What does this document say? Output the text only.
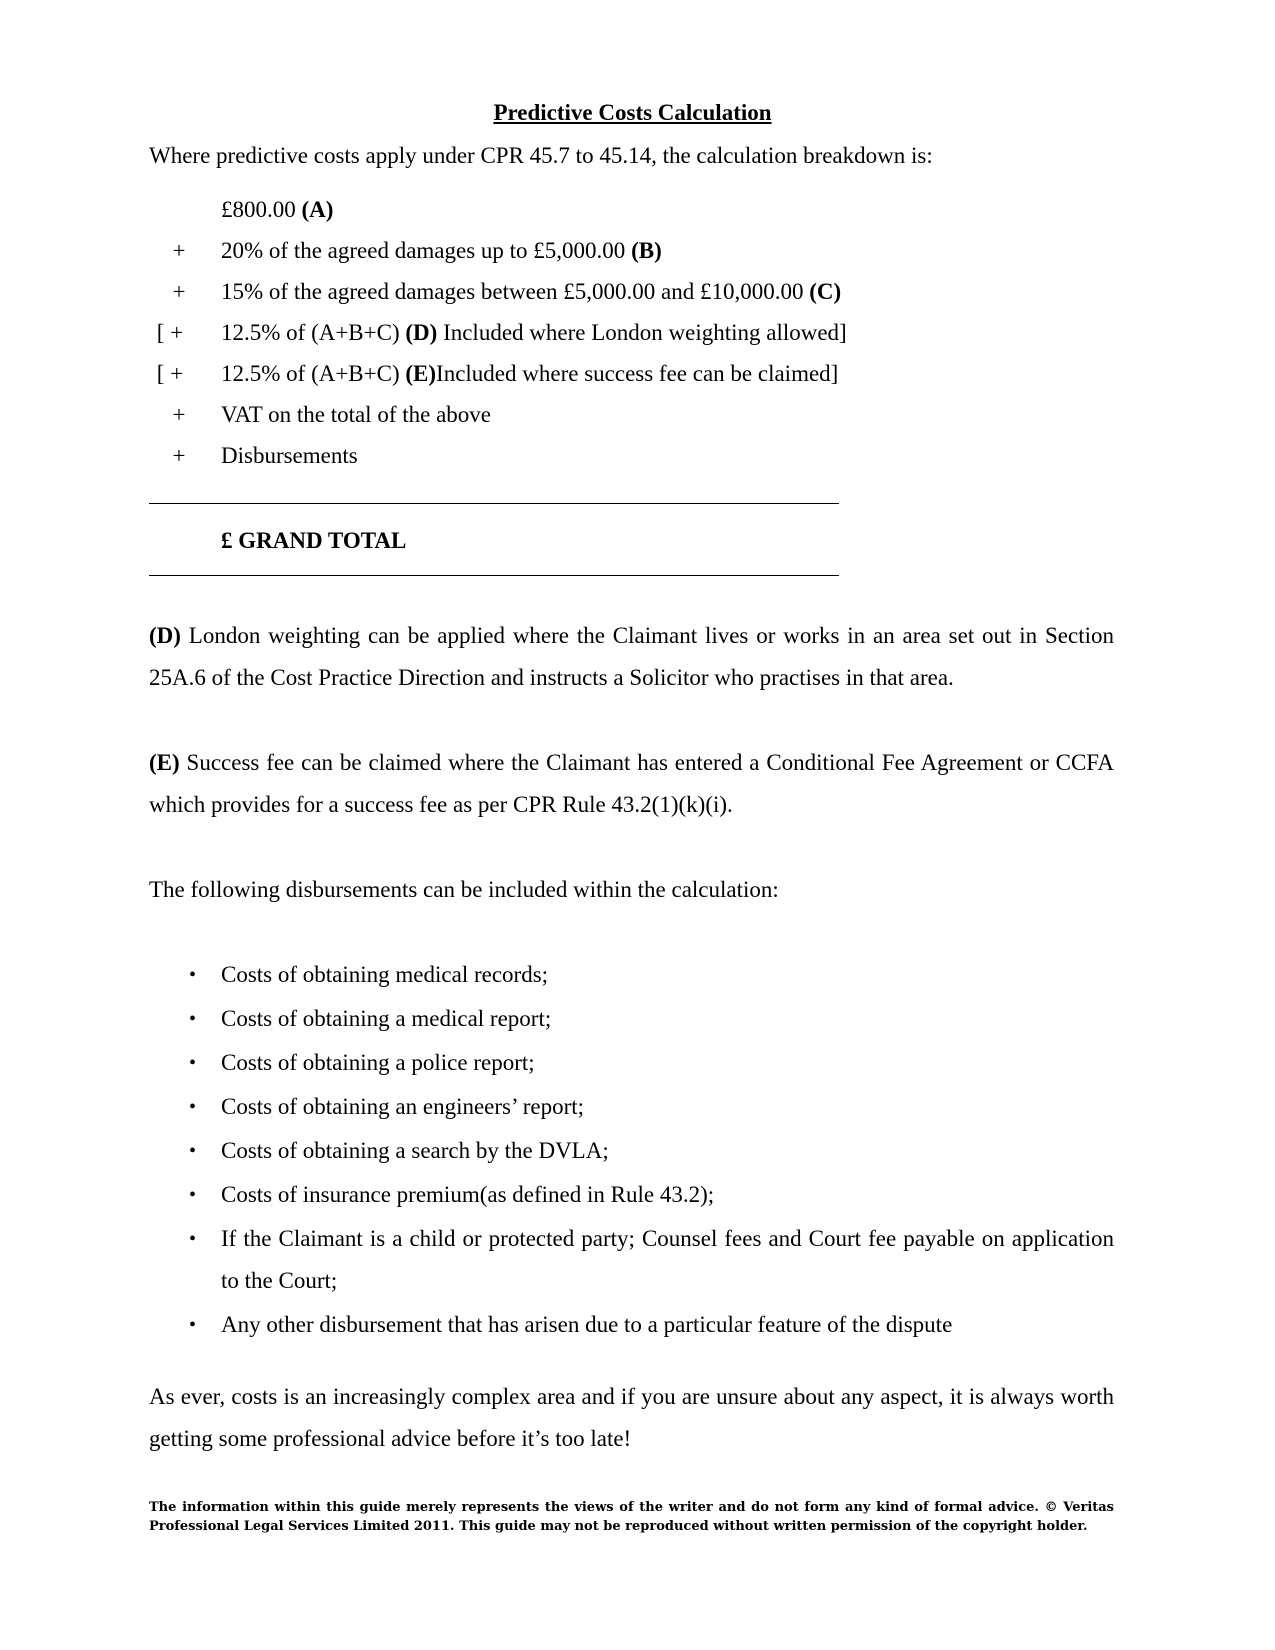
Predictive Costs Calculation
Where predictive costs apply under CPR 45.7 to 45.14, the calculation breakdown is:
£800.00 (A)
+	20% of the agreed damages up to £5,000.00 (B)
+	15% of the agreed damages between £5,000.00 and £10,000.00 (C)
[ +	12.5% of (A+B+C) (D) Included where London weighting allowed]
[ +	12.5% of (A+B+C) (E)Included where success fee can be claimed]
+	VAT on the total of the above
+	Disbursements
£ GRAND TOTAL
(D) London weighting can be applied where the Claimant lives or works in an area set out in Section 25A.6 of the Cost Practice Direction and instructs a Solicitor who practises in that area.
(E) Success fee can be claimed where the Claimant has entered a Conditional Fee Agreement or CCFA which provides for a success fee as per CPR Rule 43.2(1)(k)(i).
The following disbursements can be included within the calculation:
• Costs of obtaining medical records;
• Costs of obtaining a medical report;
• Costs of obtaining a police report;
• Costs of obtaining an engineers’ report;
• Costs of obtaining a search by the DVLA;
• Costs of insurance premium(as defined in Rule 43.2);
• If the Claimant is a child or protected party; Counsel fees and Court fee payable on application to the Court;
• Any other disbursement that has arisen due to a particular feature of the dispute
As ever, costs is an increasingly complex area and if you are unsure about any aspect, it is always worth getting some professional advice before it’s too late!
The information within this guide merely represents the views of the writer and do not form any kind of formal advice. © Veritas Professional Legal Services Limited 2011. This guide may not be reproduced without written permission of the copyright holder.
